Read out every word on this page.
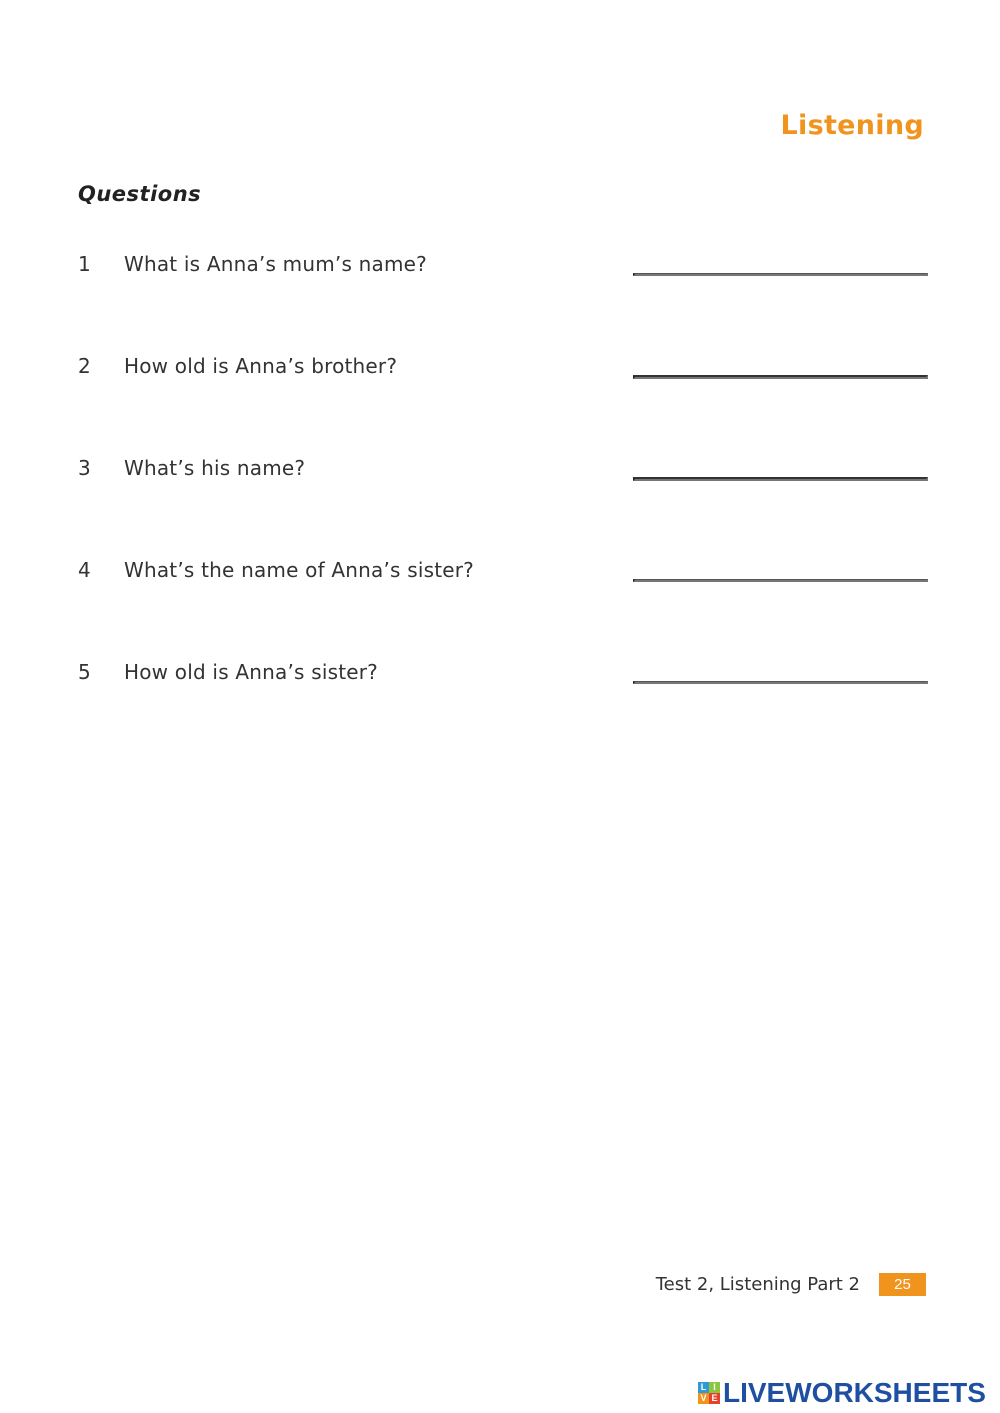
Listening
Questions
1 What is Anna’s mum’s name?
2 How old is Anna’s brother?
3 What’s his name?
4 What’s the name of Anna’s sister?
5 How old is Anna’s sister?
Test 2, Listening Part 2	25
L I
V E LIVEWORKSHEETS
